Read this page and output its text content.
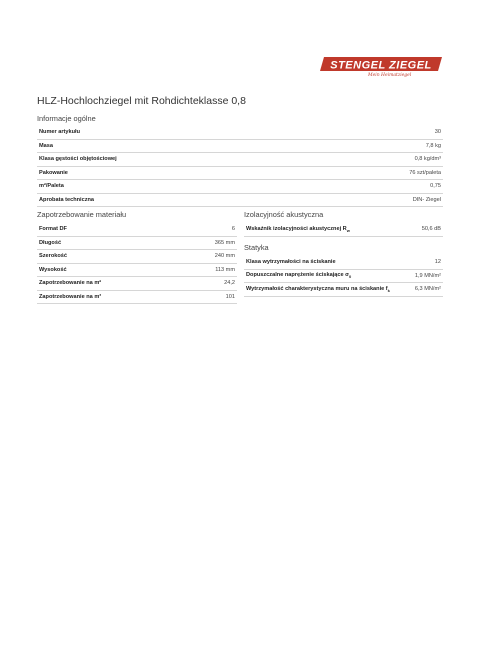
STENGEL ZIEGEL
Mein Heimatziegel
HLZ-Hochlochziegel mit Rohdichteklasse 0,8
Informacje ogólne
Numer artykułu	30
Masa	7,8 kg
Klasa gęstości objętościowej	0,8 kg/dm³
Pakowanie	76 szt/paleta
m²/Paleta	0,75
Aprobata techniczna	DIN- Ziegel
Zapotrzebowanie materiału
Format DF	6
Długość	365 mm
Szerokość	240 mm
Wysokość	113 mm
Zapotrzebowanie na m²	24,2
Zapotrzebowanie na m³	101
Izolacyjność akustyczna
Wskaźnik izolacyjności akustycznej $R_w$	50,6 dB
Statyka
Klasa wytrzymałości na ściskanie	12
Dopuszczalne naprężenie ściskające $\sigma_0$	1,9 MN/m²
Wytrzymałość charakterystyczna muru na ściskanie $f_k$	6,3 MN/m²
